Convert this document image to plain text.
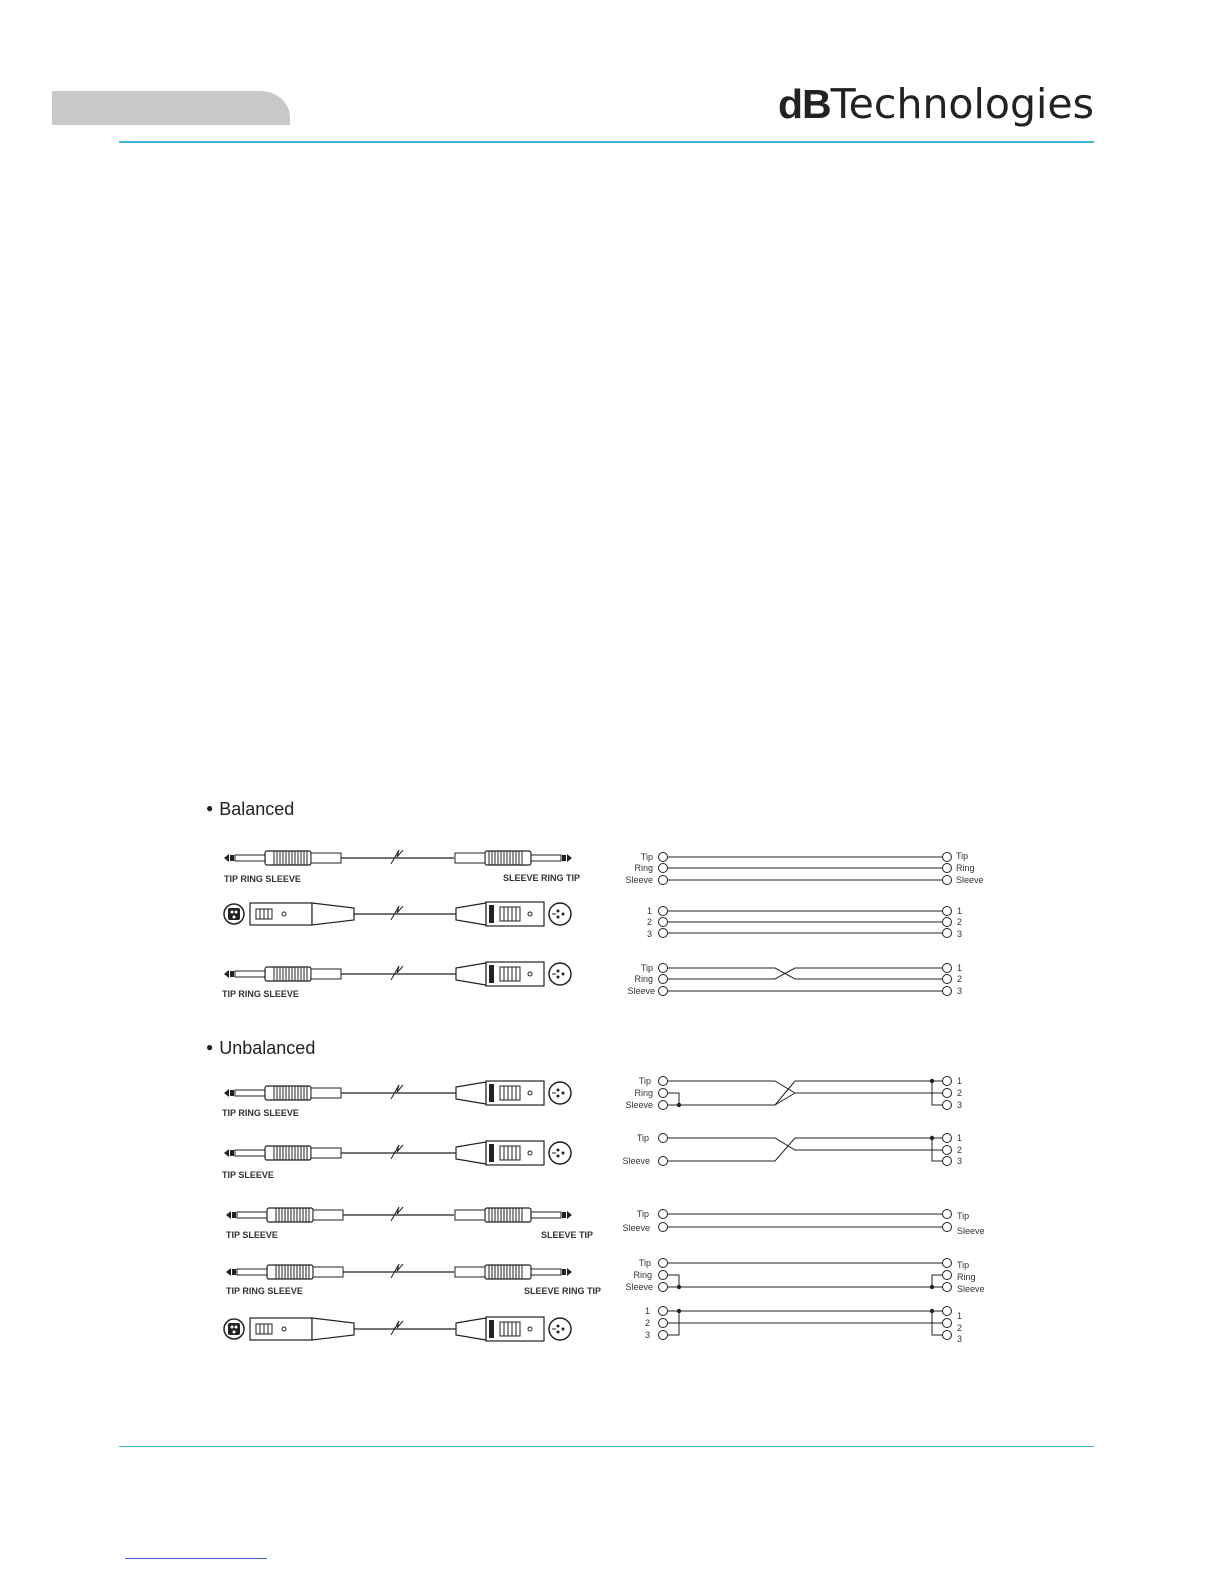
dBTechnologies
● Balanced
● Unbalanced
TIP RING SLEEVE	SLEEVE RING TIP
TIP RING SLEEVE
TIP RING SLEEVE
TIP SLEEVE
TIP SLEEVE	SLEEVE TIP
TIP RING SLEEVE	SLEEVE RING TIP
Tip
Ring
Sleeve
Tip
Ring
Sleeve
1
2
3
1
2
3
Tip
Ring
Sleeve
1
2
3
Tip
Ring
Sleeve
1
2
3
Tip
Sleeve
1
2
3
Tip
Sleeve
Tip
Sleeve
Tip
Ring
Sleeve
Tip
Ring
Sleeve
1
2
3
1
2
3
